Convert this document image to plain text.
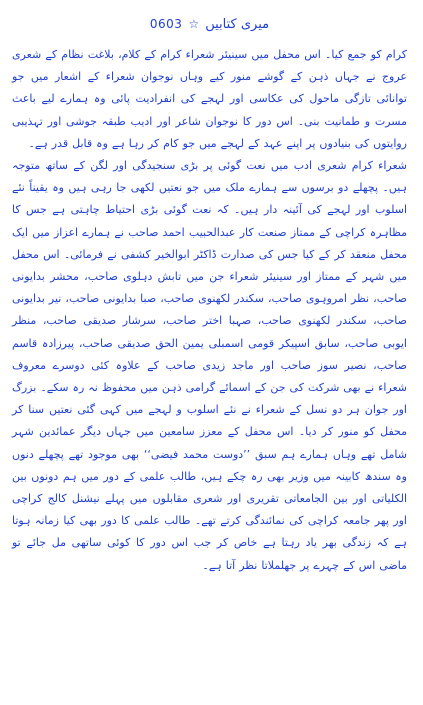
میری کتابیں
☆
0603

کرام کو جمع کیا۔ اس محفل میں سینیئر شعراء کرام کے کلام، بلاغت نظام کے شعری عروج نے جہاں ذہن کے گوشے منور کیے وہاں نوجوان شعراء کے اشعار میں جو توانائی تازگی ماحول کی عکاسی اور لہجے کی انفرادیت پائی وہ ہمارے لیے باعث مسرت و طمانیت بنی۔ اس دور کا نوجوان شاعر اور ادیب طبقہ جوشی اور تہذیبی روایتوں کی بنیادوں پر اپنے عہد کے لہجے میں جو کام کر رہا ہے وہ قابل قدر ہے۔

شعراء کرام شعری ادب میں نعت گوئی پر بڑی سنجیدگی اور لگن کے ساتھ متوجہ ہیں۔ پچھلے دو برسوں سے ہمارے ملک میں جو نعتیں لکھی جا رہی ہیں وہ یقیناً نئے اسلوب اور لہجے کی آئینہ دار ہیں۔ کہ نعت گوئی بڑی احتیاط چاہتی ہے جس کا مظاہرہ کراچی کے ممتاز صنعت کار عبدالحبیب احمد صاحب نے ہمارے اعزاز میں ایک محفل منعقد کر کے کیا جس کی صدارت ڈاکٹر ابوالخیر کشفی نے فرمائی۔ اس محفل میں شہر کے ممتاز اور سینیئر شعراء جن میں تابش دہلوی صاحب، محشر بدایونی صاحب، نظر امروہوی صاحب، سکندر لکھنوی صاحب، صبا بدایونی صاحب، نیر بدایونی صاحب، سکندر لکھنوی صاحب، صہبا اختر صاحب، سرشار صدیقی صاحب، منظر ایوبی صاحب، سابق اسپیکر قومی اسمبلی یمین الحق صدیقی صاحب، پیرزادہ قاسم صاحب، نصیر سوز صاحب اور ماجد زیدی صاحب کے علاوہ کئی دوسرے معروف شعراء نے بھی شرکت کی جن کے اسمائے گرامی ذہن میں محفوظ نہ رہ سکے۔ بزرگ اور جوان ہر دو نسل کے شعراء نے نئے اسلوب و لہجے میں کہی گئی نعتیں سنا کر محفل کو منور کر دیا۔ اس محفل کے معزز سامعین میں جہاں دیگر عمائدین شہر شامل تھے وہاں ہمارے ہم سبق ’’دوست محمد فیضی‘‘ بھی موجود تھے پچھلے دنوں وہ سندھ کابینہ میں وزیر بھی رہ چکے ہیں، طالب علمی کے دور میں ہم دونوں بین الکلیاتی اور بین الجامعاتی تقریری اور شعری مقابلوں میں پہلے نیشنل کالج کراچی اور پھر جامعہ کراچی کی نمائندگی کرتے تھے۔ طالب علمی کا دور بھی کیا زمانہ ہوتا ہے کہ زندگی بھر یاد رہتا ہے خاص کر جب اس دور کا کوئی ساتھی مل جائے تو ماضی اس کے چہرے پر جھلملاتا نظر آتا ہے۔
